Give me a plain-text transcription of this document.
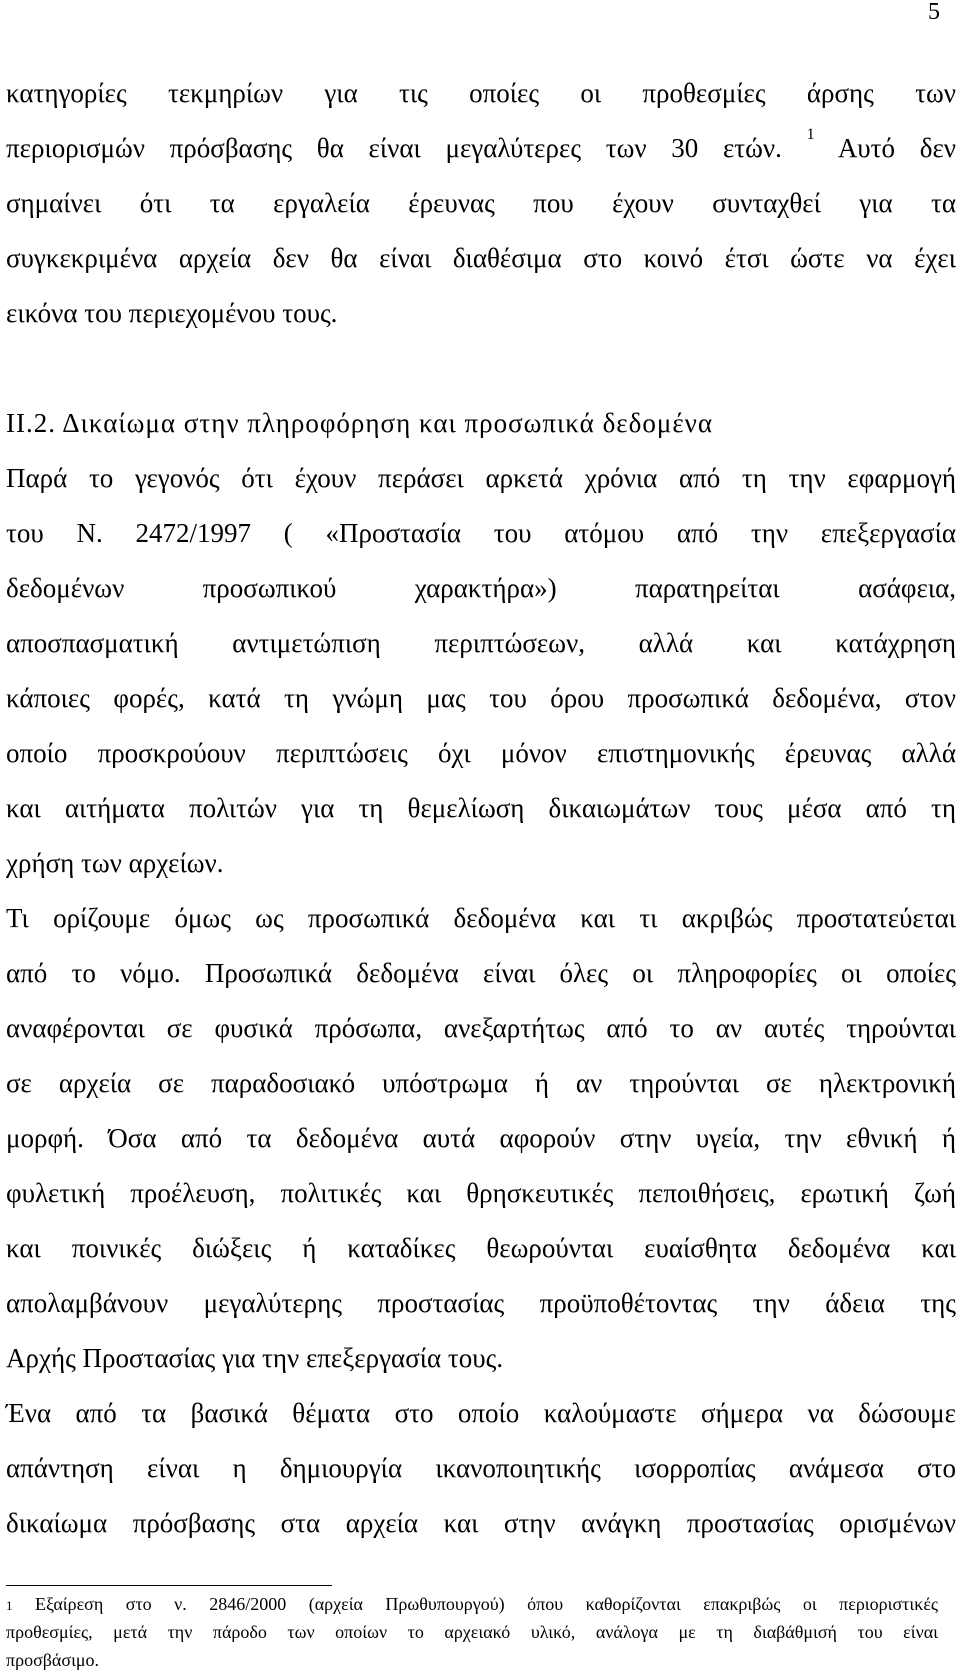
5
κατηγορίες τεκμηρίων για τις οποίες οι προθεσμίες άρσης των
περιορισμών πρόσβασης θα είναι μεγαλύτερες των 30 ετών. $^1$ Αυτό δεν
σημαίνει ότι τα εργαλεία έρευνας που έχουν συνταχθεί για τα
συγκεκριμένα αρχεία δεν θα είναι διαθέσιμα στο κοινό έτσι ώστε να έχει
εικόνα του περιεχομένου τους.
ΙΙ.2. Δικαίωμα στην πληροφόρηση και προσωπικά δεδομένα
Παρά το γεγονός ότι έχουν περάσει αρκετά χρόνια από τη την εφαρμογή
του Ν. 2472/1997 ( «Προστασία του ατόμου από την επεξεργασία
δεδομένων προσωπικού χαρακτήρα») παρατηρείται ασάφεια,
αποσπασματική αντιμετώπιση περιπτώσεων, αλλά και κατάχρηση
κάποιες φορές, κατά τη γνώμη μας του όρου προσωπικά δεδομένα, στον
οποίο προσκρούουν περιπτώσεις όχι μόνον επιστημονικής έρευνας αλλά
και αιτήματα πολιτών για τη θεμελίωση δικαιωμάτων τους μέσα από τη
χρήση των αρχείων.
Τι ορίζουμε όμως ως προσωπικά δεδομένα και τι ακριβώς προστατεύεται
από το νόμο. Προσωπικά δεδομένα είναι όλες οι πληροφορίες οι οποίες
αναφέρονται σε φυσικά πρόσωπα, ανεξαρτήτως από το αν αυτές τηρούνται
σε αρχεία σε παραδοσιακό υπόστρωμα ή αν τηρούνται σε ηλεκτρονική
μορφή. Όσα από τα δεδομένα αυτά αφορούν στην υγεία, την εθνική ή
φυλετική προέλευση, πολιτικές και θρησκευτικές πεποιθήσεις, ερωτική ζωή
και ποινικές διώξεις ή καταδίκες θεωρούνται ευαίσθητα δεδομένα και
απολαμβάνουν μεγαλύτερης προστασίας προϋποθέτοντας την άδεια της
Αρχής Προστασίας για την επεξεργασία τους.
Ένα από τα βασικά θέματα στο οποίο καλούμαστε σήμερα να δώσουμε
απάντηση είναι η δημιουργία ικανοποιητικής ισορροπίας ανάμεσα στο
δικαίωμα πρόσβασης στα αρχεία και στην ανάγκη προστασίας ορισμένων
$^1$ Εξαίρεση στο ν. 2846/2000 (αρχεία Πρωθυπουργού) όπου καθορίζονται επακριβώς οι περιοριστικές
προθεσμίες, μετά την πάροδο των οποίων το αρχειακό υλικό, ανάλογα με τη διαβάθμισή του είναι
προσβάσιμο.
